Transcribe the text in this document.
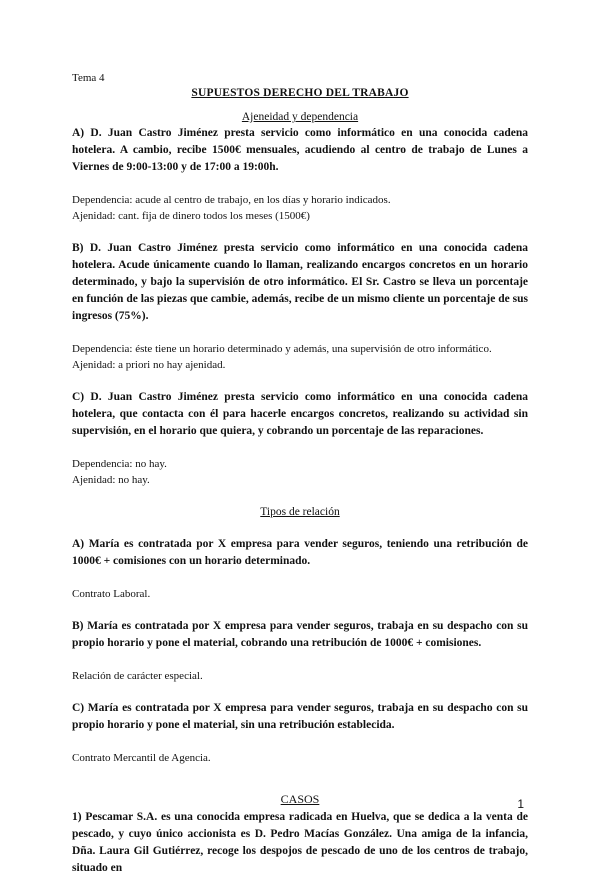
Tema 4

SUPUESTOS DERECHO DEL TRABAJO

Ajeneidad y dependencia

A) D. Juan Castro Jiménez presta servicio como informático en una conocida cadena hotelera. A cambio, recibe 1500€ mensuales, acudiendo al centro de trabajo de Lunes a Viernes de 9:00-13:00 y de 17:00 a 19:00h.

Dependencia: acude al centro de trabajo, en los días y horario indicados.

Ajenidad: cant. fija de dinero todos los meses (1500€)

B) D. Juan Castro Jiménez presta servicio como informático en una conocida cadena hotelera. Acude únicamente cuando lo llaman, realizando encargos concretos en un horario determinado, y bajo la supervisión de otro informático. El Sr. Castro se lleva un porcentaje en función de las piezas que cambie, además, recibe de un mismo cliente un porcentaje de sus ingresos (75%).

Dependencia: éste tiene un horario determinado y además, una supervisión de otro informático.

Ajenidad: a priori no hay ajenidad.

C) D. Juan Castro Jiménez presta servicio como informático en una conocida cadena hotelera, que contacta con él para hacerle encargos concretos, realizando su actividad sin supervisión, en el horario que quiera, y cobrando un porcentaje de las reparaciones.

Dependencia: no hay.

Ajenidad: no hay.

Tipos de relación

A) María es contratada por X empresa para vender seguros, teniendo una retribución de 1000€ + comisiones con un horario determinado.

Contrato Laboral.

B) María es contratada por X empresa para vender seguros, trabaja en su despacho con su propio horario y pone el material, cobrando una retribución de 1000€ + comisiones.

Relación de carácter especial.

C) María es contratada por X empresa para vender seguros, trabaja en su despacho con su propio horario y pone el material, sin una retribución establecida.

Contrato Mercantil de Agencia.

CASOS

1) Pescamar S.A. es una conocida empresa radicada en Huelva, que se dedica a la venta de pescado, y cuyo único accionista es D. Pedro Macías González. Una amiga de la infancia, Dña. Laura Gil Gutiérrez, recoge los despojos de pescado de uno de los centros de trabajo, situado en

1
